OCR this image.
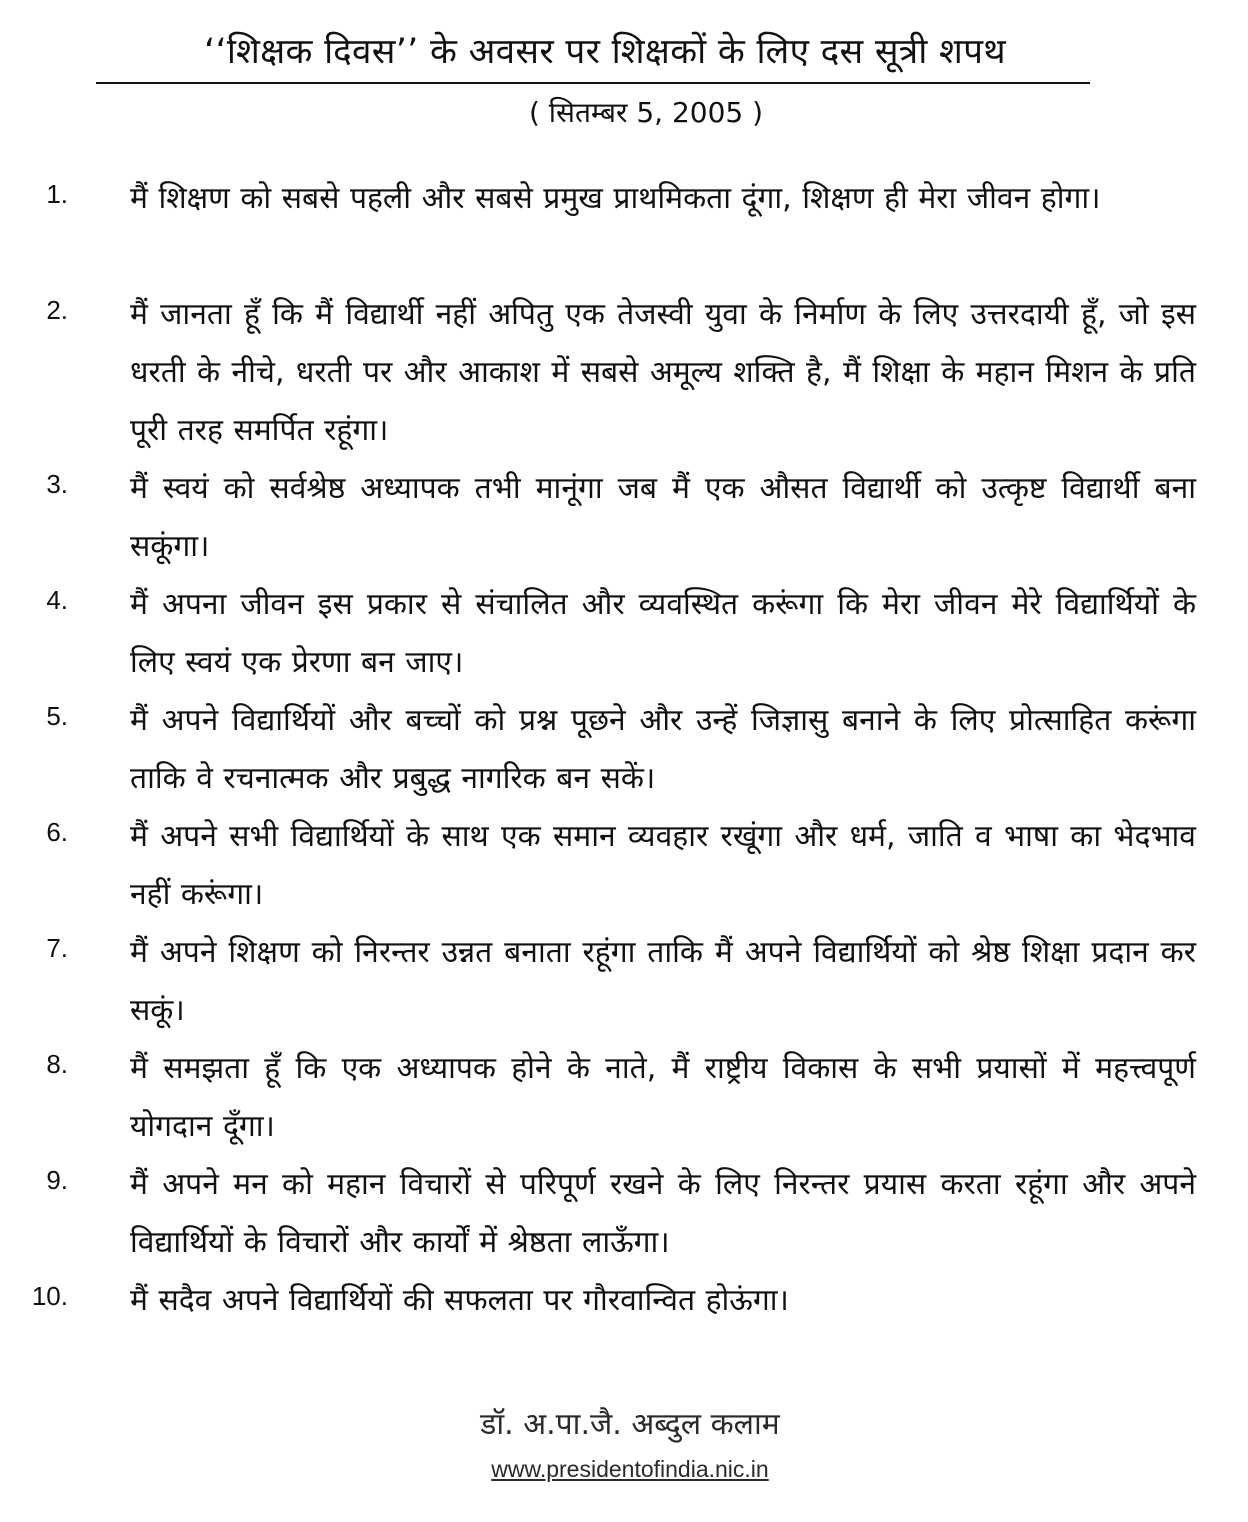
‘‘शिक्षक दिवस’’ के अवसर पर शिक्षकों के लिए दस सूत्री शपथ
( सितम्बर 5, 2005 )
1. मैं शिक्षण को सबसे पहली और सबसे प्रमुख प्राथमिकता दूंगा, शिक्षण ही मेरा जीवन होगा।
2. मैं जानता हूँ कि मैं विद्यार्थी नहीं अपितु एक तेजस्वी युवा के निर्माण के लिए उत्तरदायी हूँ, जो इस धरती के नीचे, धरती पर और आकाश में सबसे अमूल्य शक्ति है, मैं शिक्षा के महान मिशन के प्रति पूरी तरह समर्पित रहूंगा।
3. मैं स्वयं को सर्वश्रेष्ठ अध्यापक तभी मानूंगा जब मैं एक औसत विद्यार्थी को उत्कृष्ट विद्यार्थी बना सकूंगा।
4. मैं अपना जीवन इस प्रकार से संचालित और व्यवस्थित करूंगा कि मेरा जीवन मेरे विद्यार्थियों के लिए स्वयं एक प्रेरणा बन जाए।
5. मैं अपने विद्यार्थियों और बच्चों को प्रश्न पूछने और उन्हें जिज्ञासु बनाने के लिए प्रोत्साहित करूंगा ताकि वे रचनात्मक और प्रबुद्ध नागरिक बन सकें।
6. मैं अपने सभी विद्यार्थियों के साथ एक समान व्यवहार रखूंगा और धर्म, जाति व भाषा का भेदभाव नहीं करूंगा।
7. मैं अपने शिक्षण को निरन्तर उन्नत बनाता रहूंगा ताकि मैं अपने विद्यार्थियों को श्रेष्ठ शिक्षा प्रदान कर सकूं।
8. मैं समझता हूँ कि एक अध्यापक होने के नाते, मैं राष्ट्रीय विकास के सभी प्रयासों में महत्त्वपूर्ण योगदान दूँगा।
9. मैं अपने मन को महान विचारों से परिपूर्ण रखने के लिए निरन्तर प्रयास करता रहूंगा और अपने विद्यार्थियों के विचारों और कार्यों में श्रेष्ठता लाऊँगा।
10. मैं सदैव अपने विद्यार्थियों की सफलता पर गौरवान्वित होऊंगा।
डॉ. अ.पा.जै. अब्दुल कलाम
www.presidentofindia.nic.in
